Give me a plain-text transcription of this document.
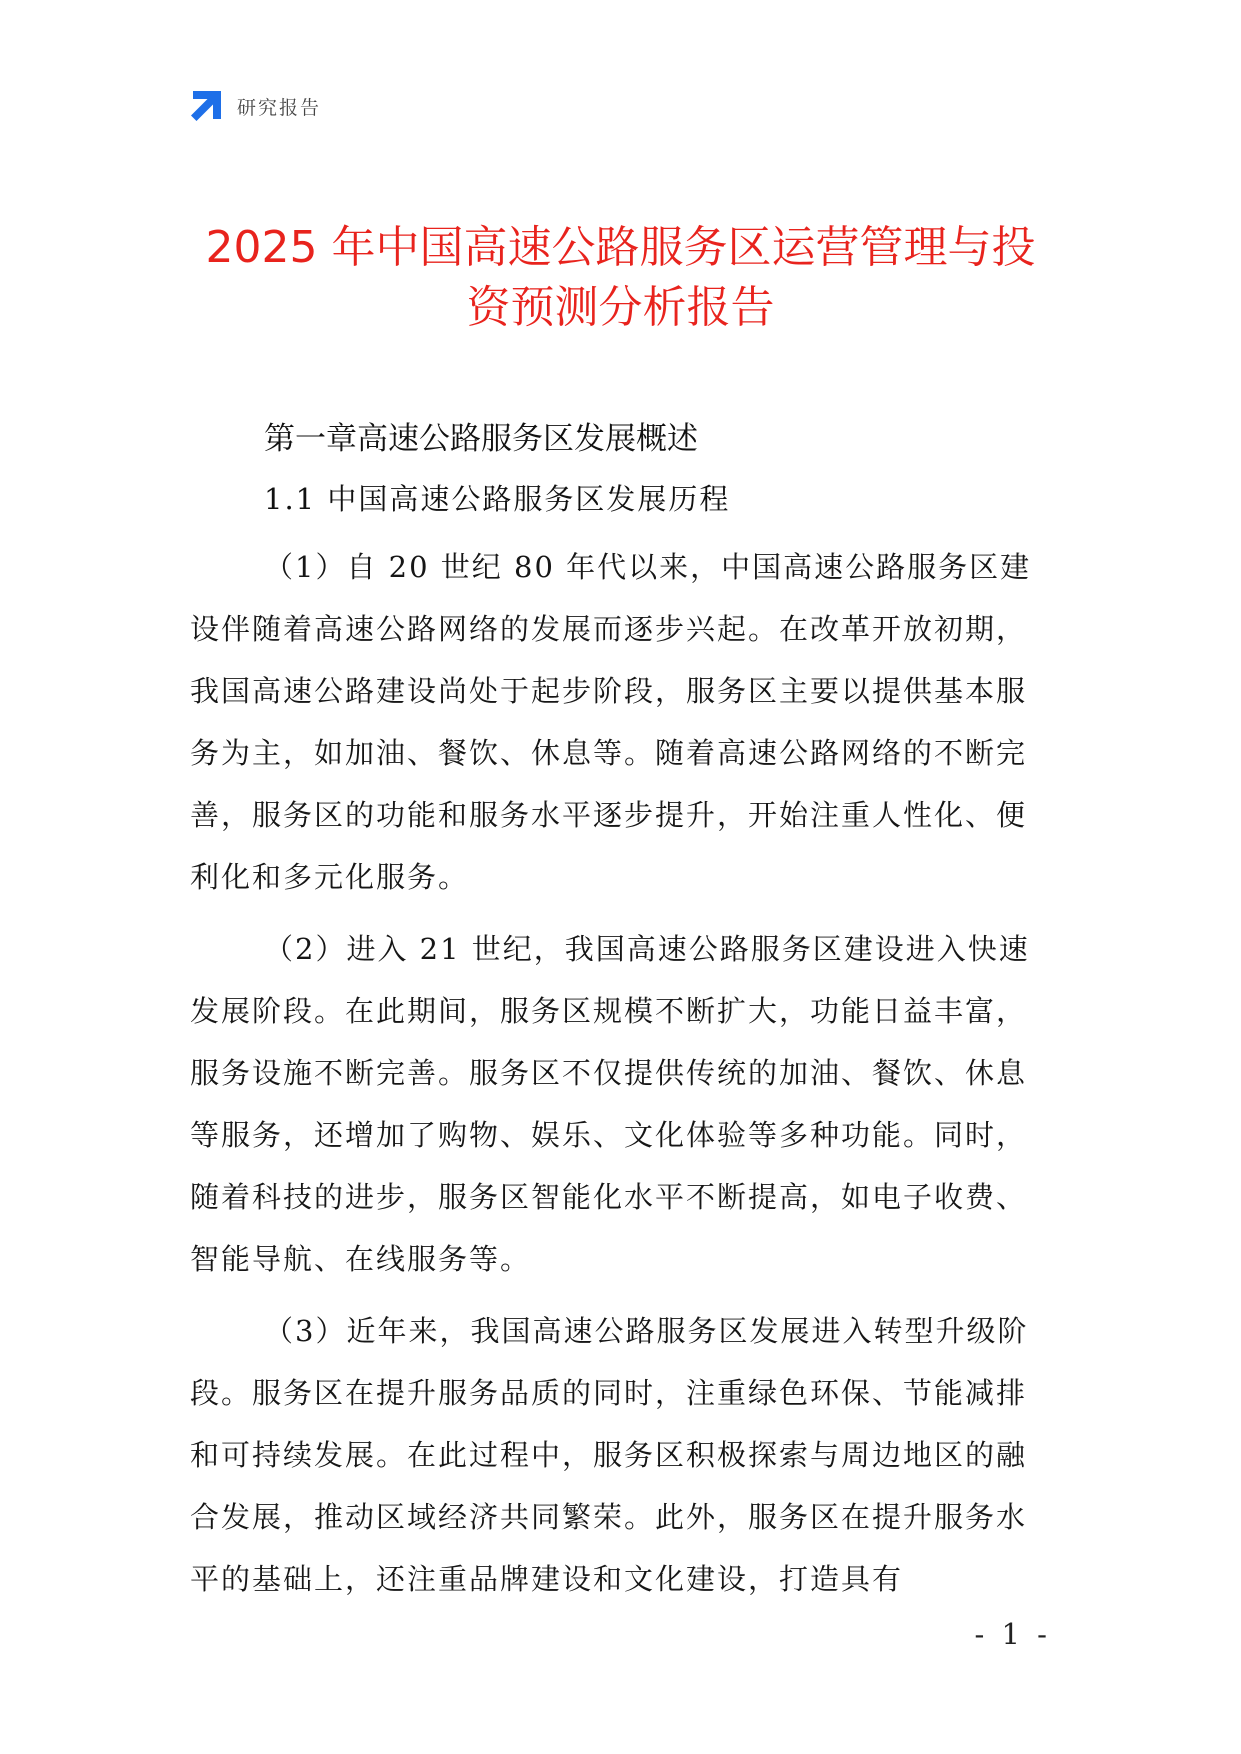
研究报告
2025 年中国高速公路服务区运营管理与投
资预测分析报告
第一章高速公路服务区发展概述
1.1 中国高速公路服务区发展历程

（1）自 20 世纪 80 年代以来，中国高速公路服务区建设伴随着高速公路网络的发展而逐步兴起。在改革开放初期，我国高速公路建设尚处于起步阶段，服务区主要以提供基本服务为主，如加油、餐饮、休息等。随着高速公路网络的不断完善，服务区的功能和服务水平逐步提升，开始注重人性化、便利化和多元化服务。

（2）进入 21 世纪，我国高速公路服务区建设进入快速发展阶段。在此期间，服务区规模不断扩大，功能日益丰富，服务设施不断完善。服务区不仅提供传统的加油、餐饮、休息等服务，还增加了购物、娱乐、文化体验等多种功能。同时，随着科技的进步，服务区智能化水平不断提高，如电子收费、智能导航、在线服务等。

（3）近年来，我国高速公路服务区发展进入转型升级阶段。服务区在提升服务品质的同时，注重绿色环保、节能减排和可持续发展。在此过程中，服务区积极探索与周边地区的融合发展，推动区域经济共同繁荣。此外，服务区在提升服务水平的基础上，还注重品牌建设和文化建设，打造具有

- 1 -
